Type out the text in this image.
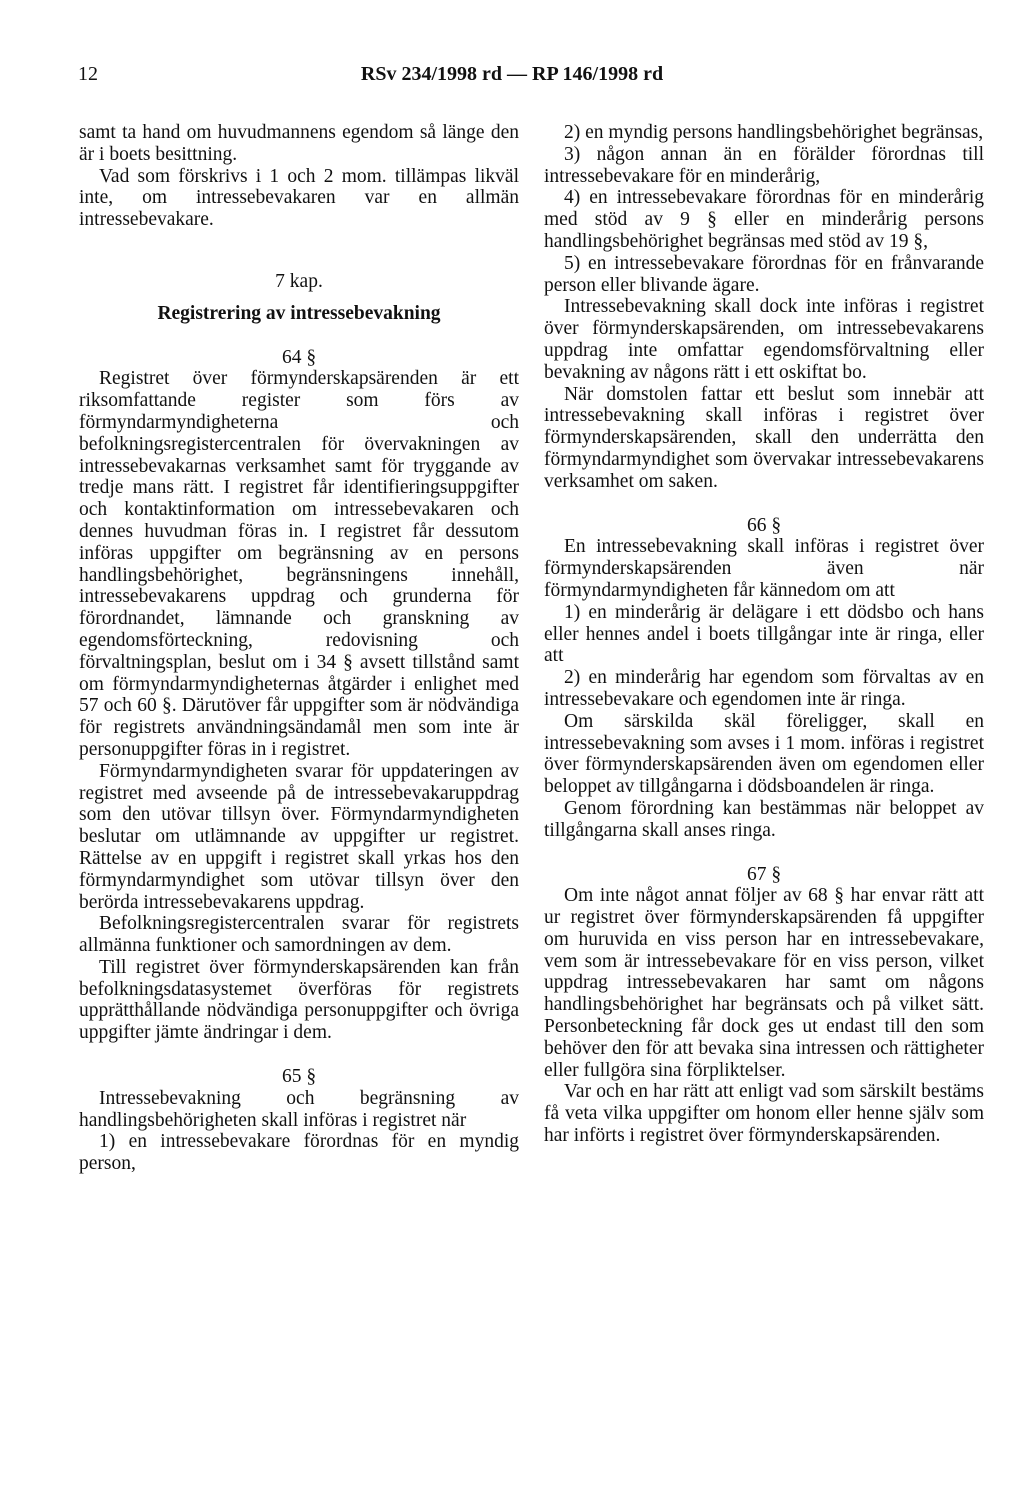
12	RSv 234/1998 rd — RP 146/1998 rd

samt ta hand om huvudmannens egendom så länge den är i boets besittning.

Vad som förskrivs i 1 och 2 mom. tillämpas likväl inte, om intressebevakaren var en allmän intressebevakare.

7 kap.

Registrering av intressebevakning

64 §

Registret över förmynderskapsärenden är ett riksomfattande register som förs av förmyndarmyndigheterna och befolkningsregistercentralen för övervakningen av intressebevakarnas verksamhet samt för tryggande av tredje mans rätt. I registret får identifieringsuppgifter och kontaktinformation om intressebevakaren och dennes huvudman föras in. I registret får dessutom införas uppgifter om begränsning av en persons handlingsbehörighet, begränsningens innehåll, intressebevakarens uppdrag och grunderna för förordnandet, lämnande och granskning av egendomsförteckning, redovisning och förvaltningsplan, beslut om i 34 § avsett tillstånd samt om förmyndarmyndigheternas åtgärder i enlighet med 57 och 60 §. Därutöver får uppgifter som är nödvändiga för registrets användningsändamål men som inte är personuppgifter föras in i registret.

Förmyndarmyndigheten svarar för uppdateringen av registret med avseende på de intressebevakaruppdrag som den utövar tillsyn över. Förmyndarmyndigheten beslutar om utlämnande av uppgifter ur registret. Rättelse av en uppgift i registret skall yrkas hos den förmyndarmyndighet som utövar tillsyn över den berörda intressebevakarens uppdrag.

Befolkningsregistercentralen svarar för registrets allmänna funktioner och samordningen av dem.

Till registret över förmynderskapsärenden kan från befolkningsdatasystemet överföras för registrets upprätthållande nödvändiga personuppgifter och övriga uppgifter jämte ändringar i dem.

65 §

Intressebevakning och begränsning av handlingsbehörigheten skall införas i registret när

1) en intressebevakare förordnas för en myndig person,

2) en myndig persons handlingsbehörighet begränsas,

3) någon annan än en förälder förordnas till intressebevakare för en minderårig,

4) en intressebevakare förordnas för en minderårig med stöd av 9 § eller en minderårig persons handlingsbehörighet begränsas med stöd av 19 §,

5) en intressebevakare förordnas för en frånvarande person eller blivande ägare.

Intressebevakning skall dock inte införas i registret över förmynderskapsärenden, om intressebevakarens uppdrag inte omfattar egendomsförvaltning eller bevakning av någons rätt i ett oskiftat bo.

När domstolen fattar ett beslut som innebär att intressebevakning skall införas i registret över förmynderskapsärenden, skall den underrätta den förmyndarmyndighet som övervakar intressebevakarens verksamhet om saken.

66 §

En intressebevakning skall införas i registret över förmynderskapsärenden även när förmyndarmyndigheten får kännedom om att

1) en minderårig är delägare i ett dödsbo och hans eller hennes andel i boets tillgångar inte är ringa, eller att

2) en minderårig har egendom som förvaltas av en intressebevakare och egendomen inte är ringa.

Om särskilda skäl föreligger, skall en intressebevakning som avses i 1 mom. införas i registret över förmynderskapsärenden även om egendomen eller beloppet av tillgångarna i dödsboandelen är ringa.

Genom förordning kan bestämmas när beloppet av tillgångarna skall anses ringa.

67 §

Om inte något annat följer av 68 § har envar rätt att ur registret över förmynderskapsärenden få uppgifter om huruvida en viss person har en intressebevakare, vem som är intressebevakare för en viss person, vilket uppdrag intressebevakaren har samt om någons handlingsbehörighet har begränsats och på vilket sätt. Personbeteckning får dock ges ut endast till den som behöver den för att bevaka sina intressen och rättigheter eller fullgöra sina förpliktelser.

Var och en har rätt att enligt vad som särskilt bestäms få veta vilka uppgifter om honom eller henne själv som har införts i registret över förmynderskapsärenden.
